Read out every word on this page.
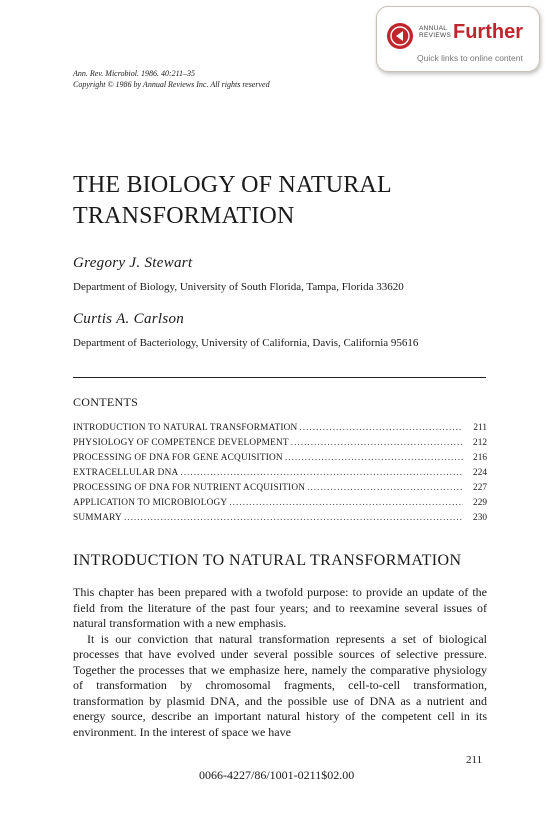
ANNUAL
REVIEWS Further
Quick links to online content
Ann. Rev. Microbiol. 1986. 40:211–35
Copyright © 1986 by Annual Reviews Inc. All rights reserved
THE BIOLOGY OF NATURAL
TRANSFORMATION
Gregory J. Stewart
Department of Biology, University of South Florida, Tampa, Florida 33620
Curtis A. Carlson
Department of Bacteriology, University of California, Davis, California 95616
CONTENTS
INTRODUCTION TO NATURAL TRANSFORMATION .....	211
PHYSIOLOGY OF COMPETENCE DEVELOPMENT .....	212
PROCESSING OF DNA FOR GENE ACQUISITION .....	216
EXTRACELLULAR DNA .....	224
PROCESSING OF DNA FOR NUTRIENT ACQUISITION .....	227
APPLICATION TO MICROBIOLOGY .....	229
SUMMARY .....	230
INTRODUCTION TO NATURAL TRANSFORMATION

This chapter has been prepared with a twofold purpose: to provide an update of the field from the literature of the past four years; and to reexamine several issues of natural transformation with a new emphasis.

It is our conviction that natural transformation represents a set of biological processes that have evolved under several possible sources of selective pressure. Together the processes that we emphasize here, namely the comparative physiology of transformation by chromosomal fragments, cell-to-cell transformation, transformation by plasmid DNA, and the possible use of DNA as a nutrient and energy source, describe an important natural history of the competent cell in its environment. In the interest of space we have

211
0066-4227/86/1001-0211$02.00
